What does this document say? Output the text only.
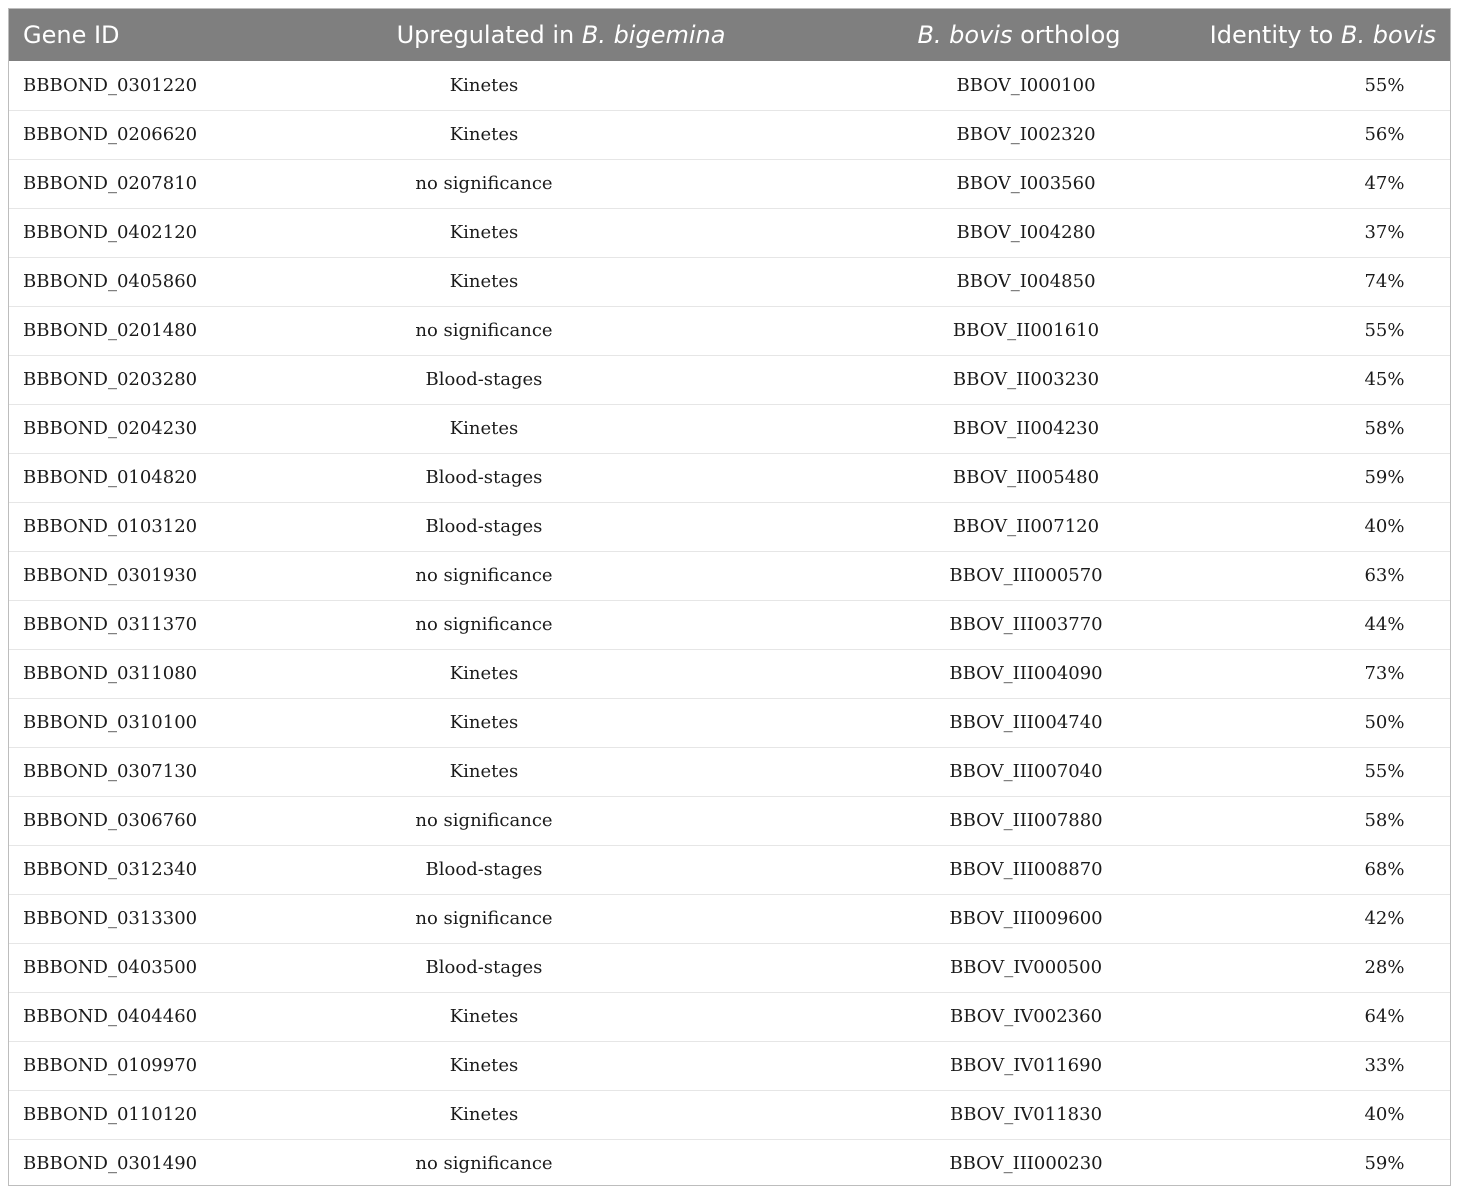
Gene ID	Upregulated in B. bigemina	B. bovis ortholog	Identity to B. bovis
BBBOND_0301220	Kinetes	BBOV_I000100	55%
BBBOND_0206620	Kinetes	BBOV_I002320	56%
BBBOND_0207810	no significance	BBOV_I003560	47%
BBBOND_0402120	Kinetes	BBOV_I004280	37%
BBBOND_0405860	Kinetes	BBOV_I004850	74%
BBBOND_0201480	no significance	BBOV_II001610	55%
BBBOND_0203280	Blood-stages	BBOV_II003230	45%
BBBOND_0204230	Kinetes	BBOV_II004230	58%
BBBOND_0104820	Blood-stages	BBOV_II005480	59%
BBBOND_0103120	Blood-stages	BBOV_II007120	40%
BBBOND_0301930	no significance	BBOV_III000570	63%
BBBOND_0311370	no significance	BBOV_III003770	44%
BBBOND_0311080	Kinetes	BBOV_III004090	73%
BBBOND_0310100	Kinetes	BBOV_III004740	50%
BBBOND_0307130	Kinetes	BBOV_III007040	55%
BBBOND_0306760	no significance	BBOV_III007880	58%
BBBOND_0312340	Blood-stages	BBOV_III008870	68%
BBBOND_0313300	no significance	BBOV_III009600	42%
BBBOND_0403500	Blood-stages	BBOV_IV000500	28%
BBBOND_0404460	Kinetes	BBOV_IV002360	64%
BBBOND_0109970	Kinetes	BBOV_IV011690	33%
BBBOND_0110120	Kinetes	BBOV_IV011830	40%
BBBOND_0301490	no significance	BBOV_III000230	59%
